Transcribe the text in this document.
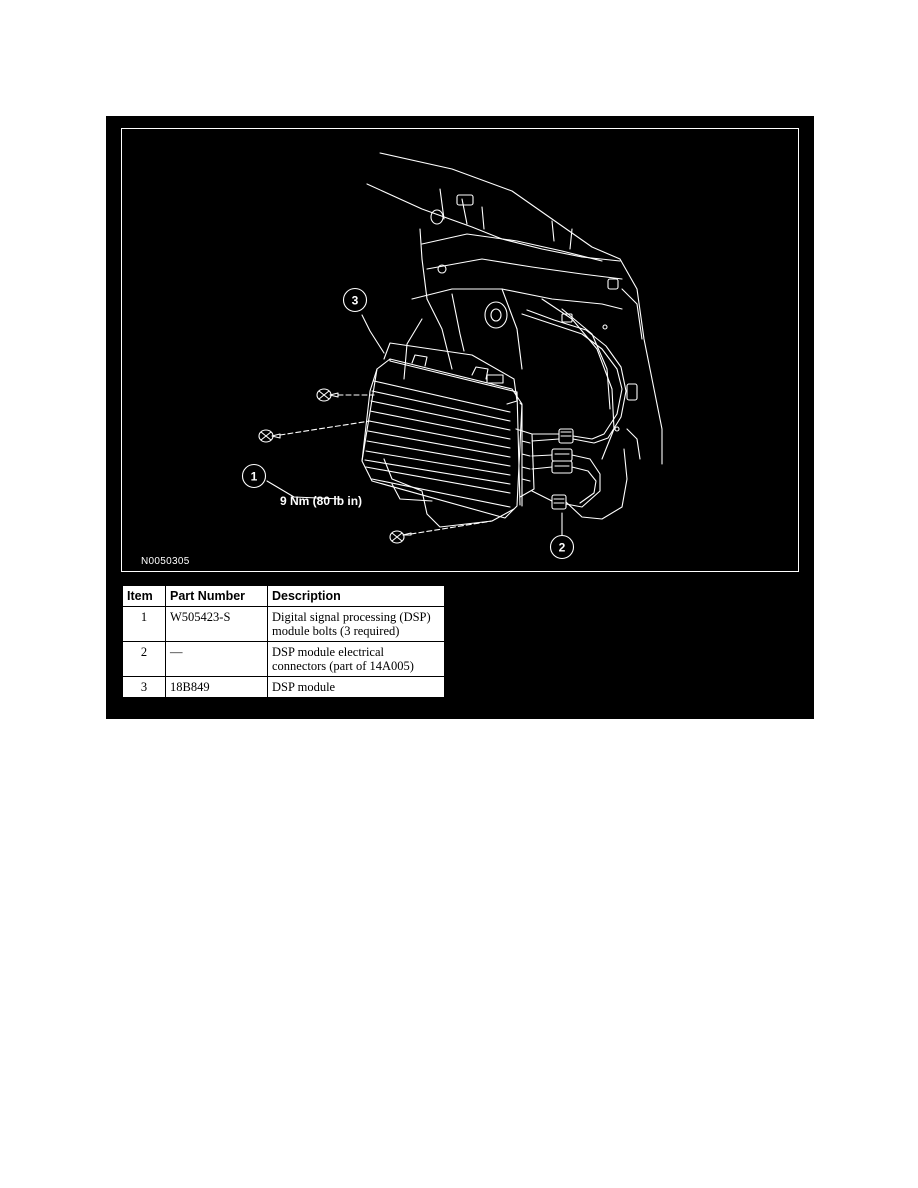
3
1
2
9 Nm (80 lb in)
N0050305
Item	Part Number	Description
1	W505423-S	Digital signal processing (DSP) module bolts (3 required)
2	—	DSP module electrical connectors (part of 14A005)
3	18B849	DSP module
